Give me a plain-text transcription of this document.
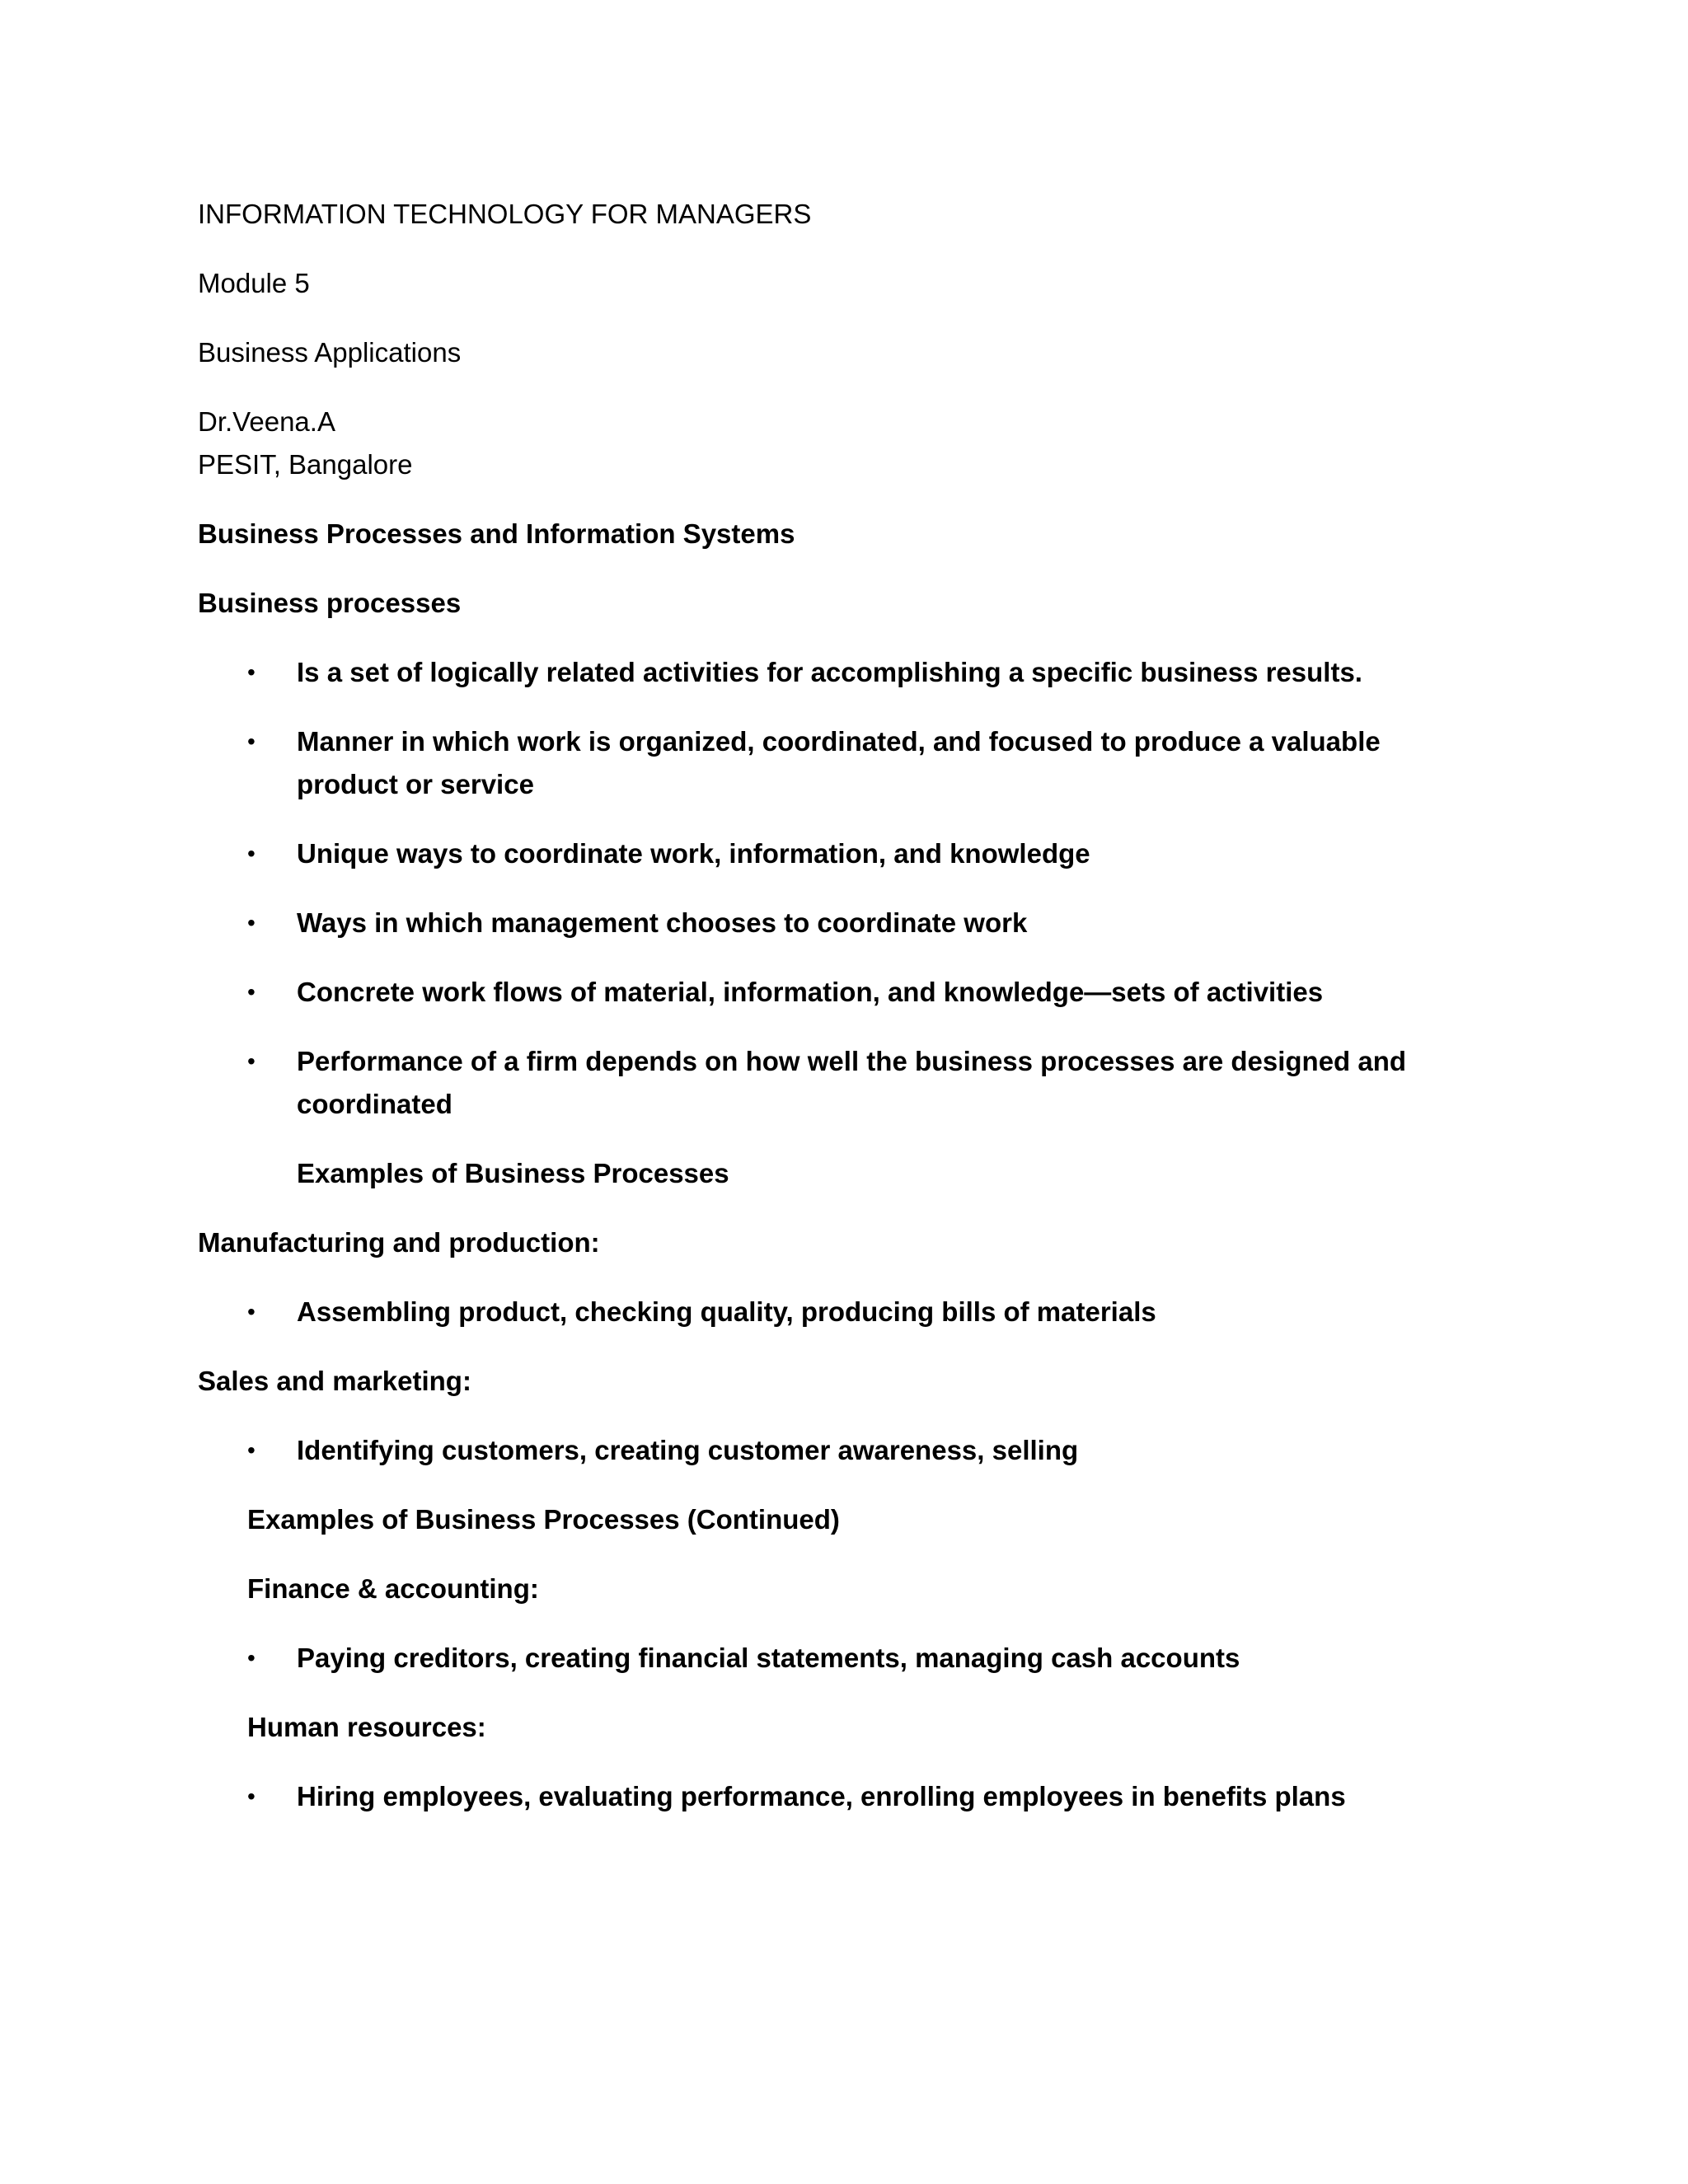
INFORMATION TECHNOLOGY FOR MANAGERS
Module 5
Business Applications
Dr.Veena.A
PESIT, Bangalore
Business Processes and Information Systems
Business processes
• Is a set of logically related activities for accomplishing a specific business results.
• Manner in which work is organized, coordinated, and focused to produce a valuable product or service
• Unique ways to coordinate work, information, and knowledge
• Ways in which management chooses to coordinate work
• Concrete work flows of material, information, and knowledge—sets of activities
• Performance of a firm depends on how well the business processes are designed and coordinated
Examples of Business Processes
Manufacturing and production:
• Assembling product, checking quality, producing bills of materials
Sales and marketing:
• Identifying customers, creating customer awareness, selling
Examples of Business Processes (Continued)
Finance & accounting:
• Paying creditors, creating financial statements, managing cash accounts
Human resources:
• Hiring employees, evaluating performance, enrolling employees in benefits plans
